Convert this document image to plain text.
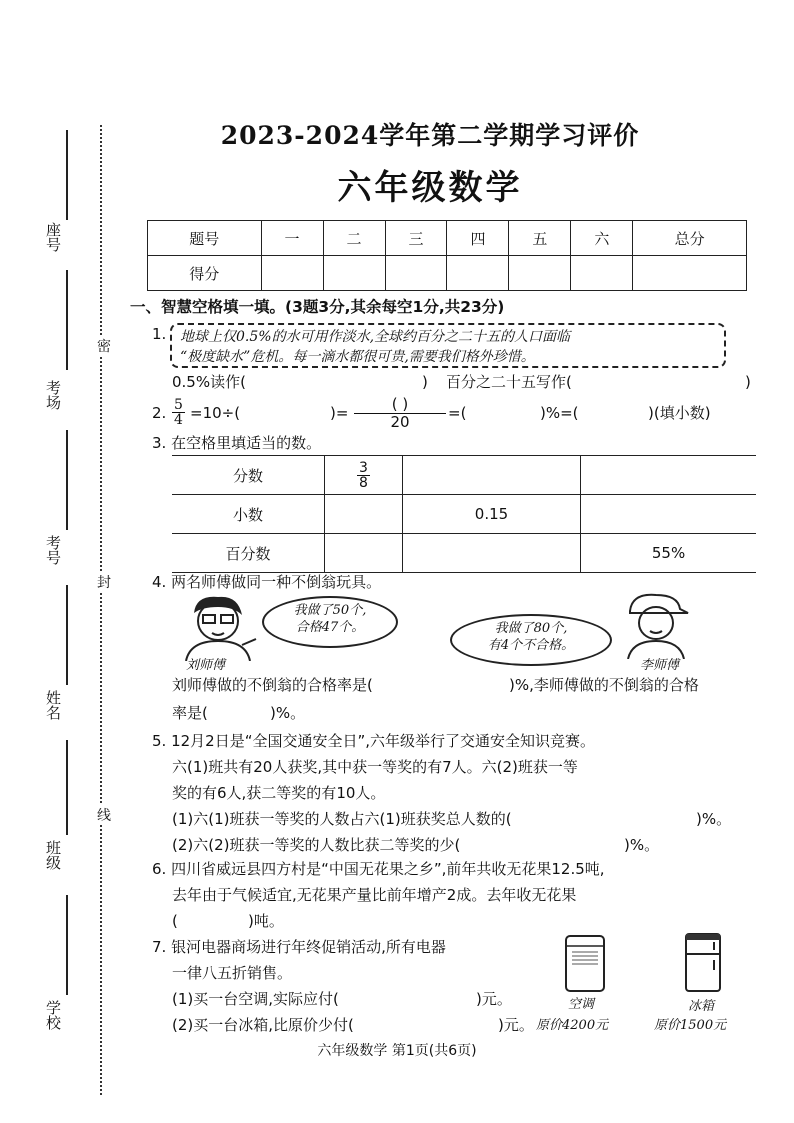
座号
考场
考号
姓名
班级
学校
密
封
线
2023-2024学年第二学期学习评价
六年级数学
题号	一	二	三	四	五	六	总分
得分							
一、智慧空格填一填。(3题3分,其余每空1分,共23分)
1. 地球上仅0.5%的水可用作淡水,全球约百分之二十五的人口面临
“极度缺水”危机。每一滴水都很可贵,需要我们格外珍惜。
0.5%读作(	) 百分之二十五写作(	)
2. $\frac{5}{4} =10\div$(	)=	( )
20	=(	)%=(	)(填小数)
3. 在空格里填适当的数。
分数	$\frac{3}{8}$

小数		0.15	
百分数			55%
4. 两名师傅做同一种不倒翁玩具。
我做了50个,
合格47个。
刘师傅
我做了80个,
有4个不合格。
李师傅
刘师傅做的不倒翁的合格率是(	)%,李师傅做的不倒翁的合格
率是(	)%。
5. 12月2日是“全国交通安全日”,六年级举行了交通安全知识竞赛。
六(1)班共有20人获奖,其中获一等奖的有7人。六(2)班获一等
奖的有6人,获二等奖的有10人。
(1)六(1)班获一等奖的人数占六(1)班获奖总人数的(	)%。
(2)六(2)班获一等奖的人数比获二等奖的少(	)%。
6. 四川省威远县四方村是“中国无花果之乡”,前年共收无花果12.5吨,
去年由于气候适宜,无花果产量比前年增产2成。去年收无花果
(	)吨。
7. 银河电器商场进行年终促销活动,所有电器
一律八五折销售。
(1)买一台空调,实际应付(	)元。
(2)买一台冰箱,比原价少付(	)元。
空调
原价4200元
冰箱
原价1500元
六年级数学 第1页(共6页)
